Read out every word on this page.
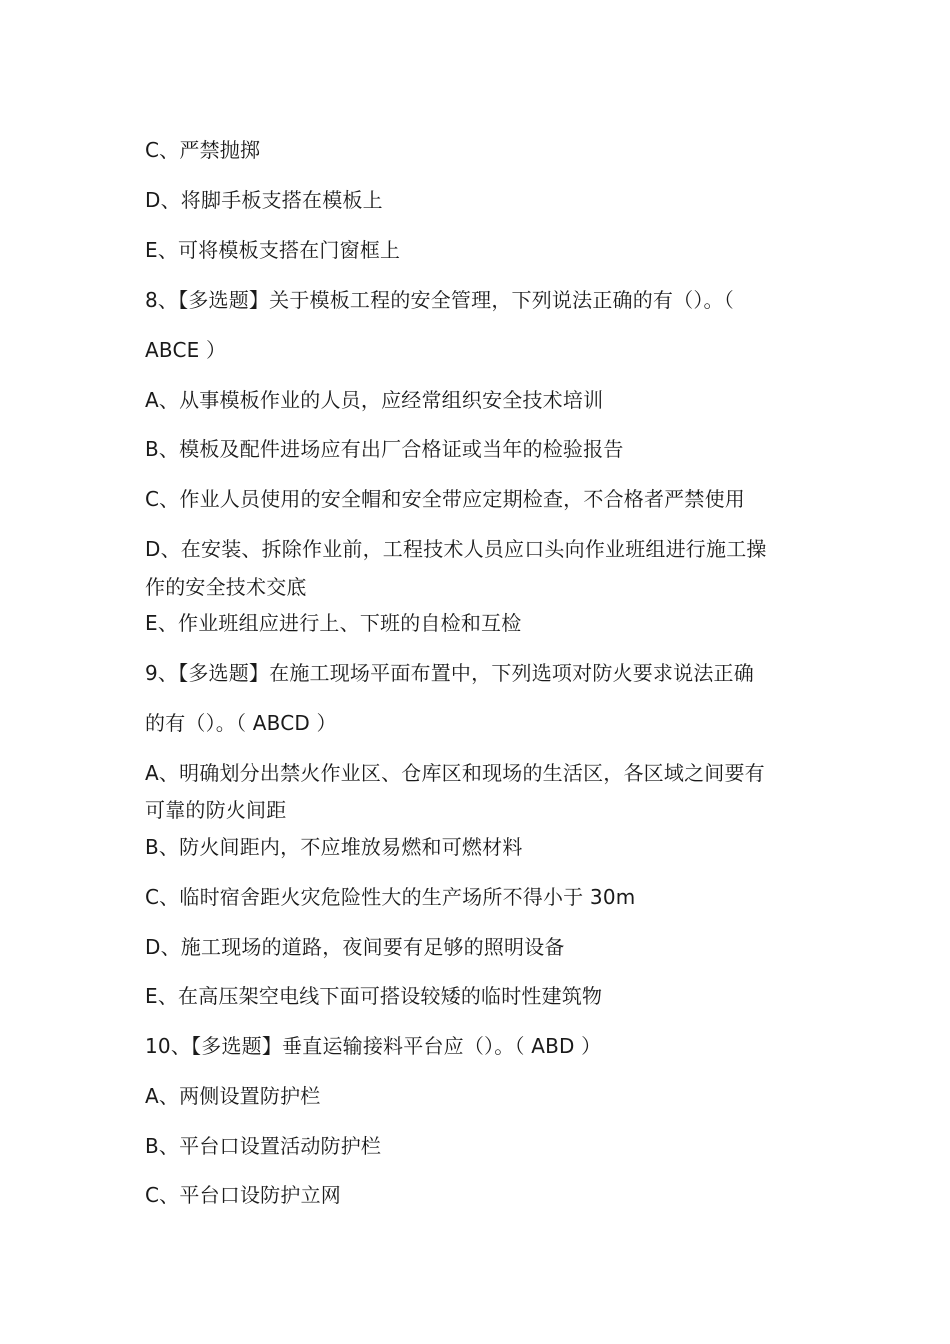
C、严禁抛掷
D、将脚手板支搭在模板上
E、可将模板支搭在门窗框上
8、【多选题】关于模板工程的安全管理，下列说法正确的有（）。（
ABCE ）
A、从事模板作业的人员，应经常组织安全技术培训
B、模板及配件进场应有出厂合格证或当年的检验报告
C、作业人员使用的安全帽和安全带应定期检查，不合格者严禁使用
D、在安装、拆除作业前，工程技术人员应口头向作业班组进行施工操
作的安全技术交底
E、作业班组应进行上、下班的自检和互检
9、【多选题】在施工现场平面布置中，下列选项对防火要求说法正确
的有（）。（ ABCD ）
A、明确划分出禁火作业区、仓库区和现场的生活区，各区域之间要有
可靠的防火间距
B、防火间距内，不应堆放易燃和可燃材料
C、临时宿舍距火灾危险性大的生产场所不得小于 30m
D、施工现场的道路，夜间要有足够的照明设备
E、在高压架空电线下面可搭设较矮的临时性建筑物
10、【多选题】垂直运输接料平台应（）。（ ABD ）
A、两侧设置防护栏
B、平台口设置活动防护栏
C、平台口设防护立网
